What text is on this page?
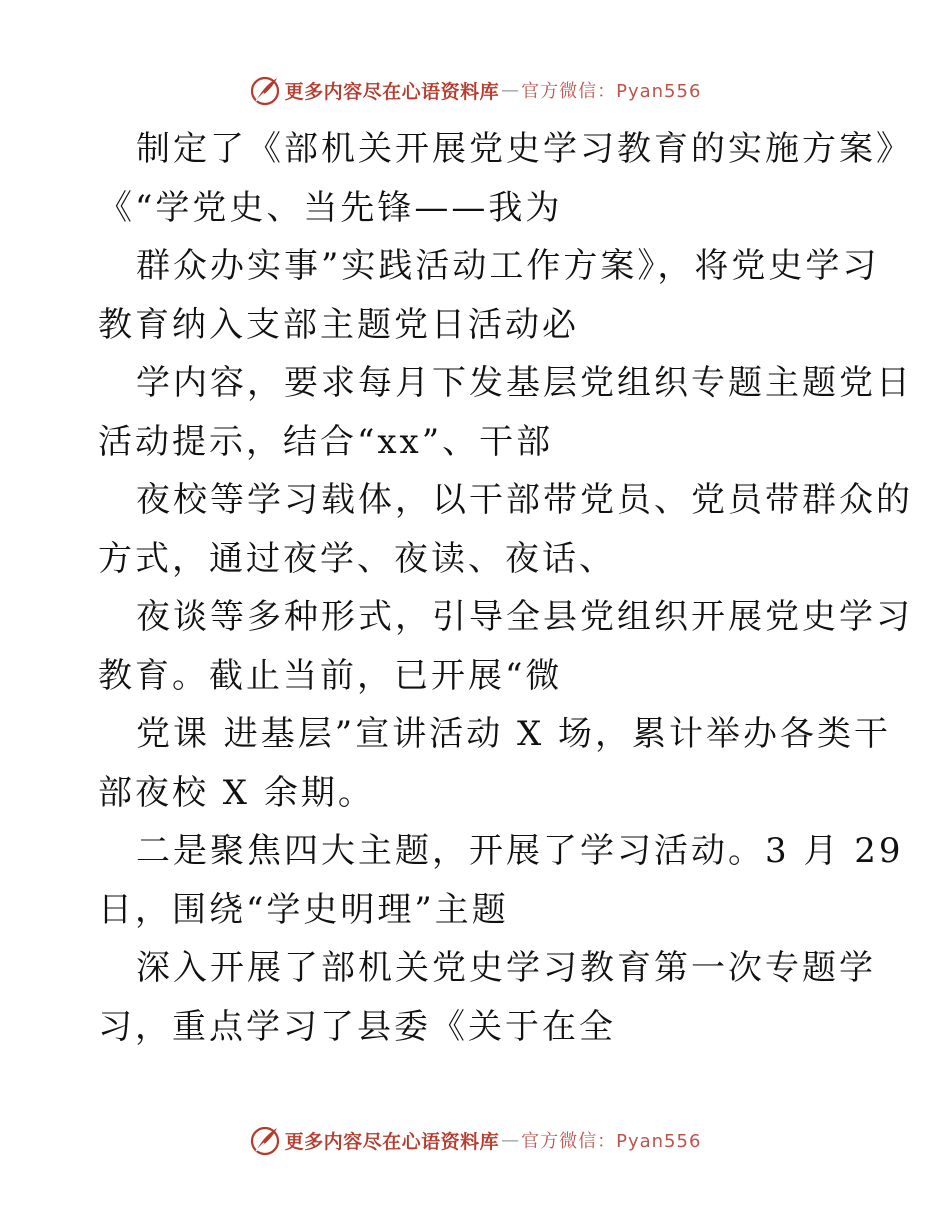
更多内容尽在心语资料库 — 官方微信：Pyan556
制定了《部机关开展党史学习教育的实施方案》
《“学党史、当先锋——我为
群众办实事”实践活动工作方案》，将党史学习
教育纳入支部主题党日活动必
学内容，要求每月下发基层党组织专题主题党日
活动提示，结合“xx”、干部
夜校等学习载体，以干部带党员、党员带群众的
方式，通过夜学、夜读、夜话、
夜谈等多种形式，引导全县党组织开展党史学习
教育。截止当前，已开展“微
党课 进基层”宣讲活动 X 场，累计举办各类干
部夜校 X 余期。
二是聚焦四大主题，开展了学习活动。3 月 29
日，围绕“学史明理”主题
深入开展了部机关党史学习教育第一次专题学
习，重点学习了县委《关于在全
更多内容尽在心语资料库 — 官方微信：Pyan556
